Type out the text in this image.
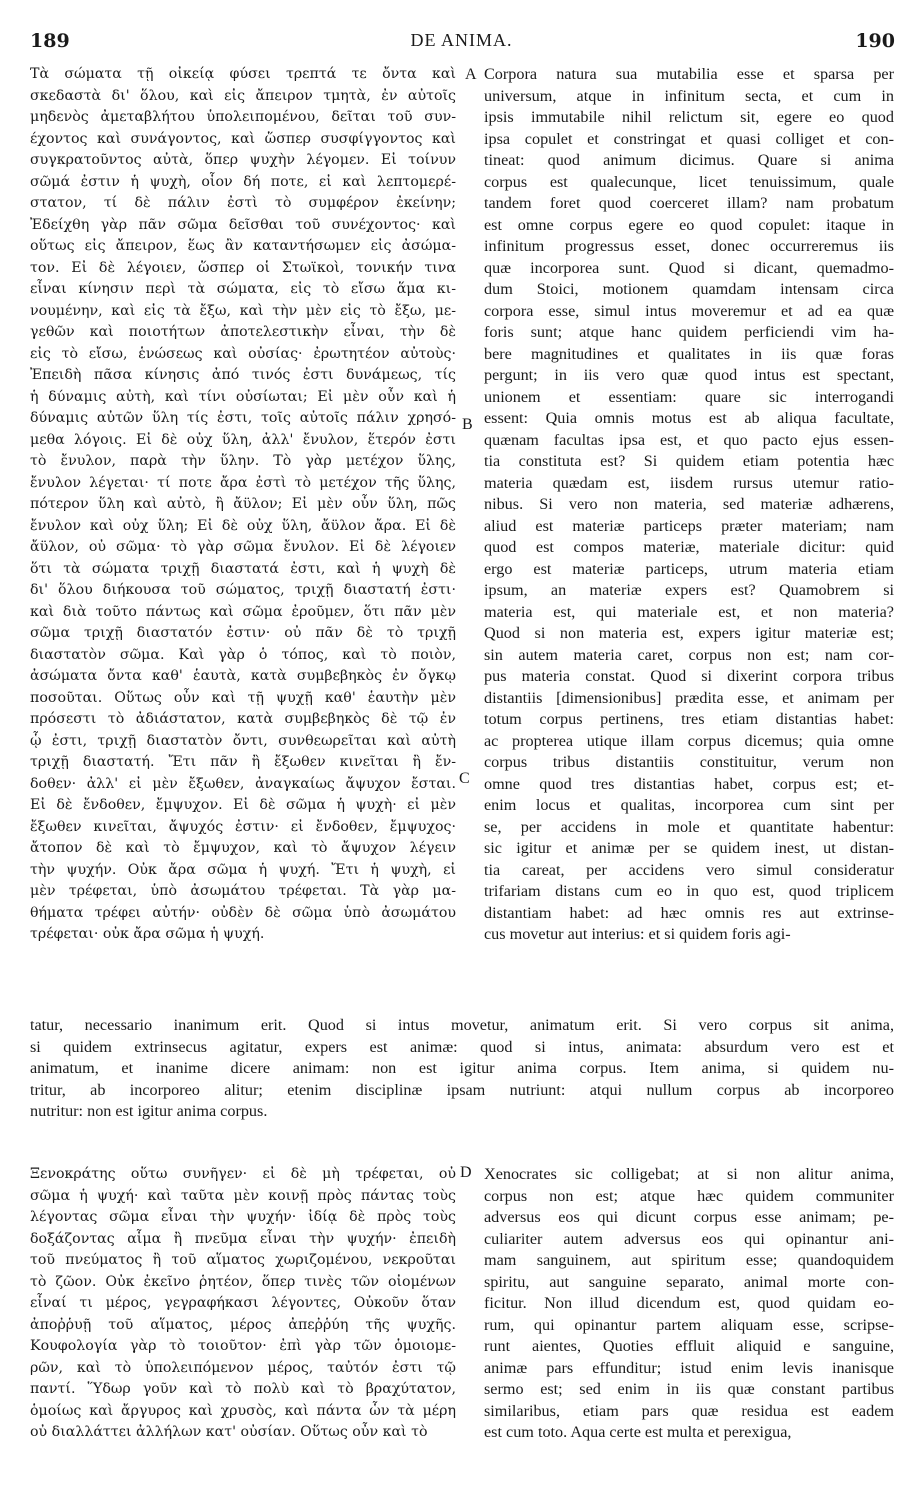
189	DE ANIMA.	190
A
B
C
D
Τὰ σώματα τῇ οἰκείᾳ φύσει τρεπτά τε ὄντα καὶ
σκεδαστὰ δι' ὅλου, καὶ εἰς ἄπειρον τμητὰ, ἐν αὐτοῖς
μηδενὸς ἀμεταβλήτου ὑπολειπομένου, δεῖται τοῦ συν-
έχοντος καὶ συνάγοντος, καὶ ὥσπερ συσφίγγοντος καὶ
συγκρατοῦντος αὐτὰ, ὅπερ ψυχὴν λέγομεν. Εἰ τοίνυν
σῶμά ἐστιν ἡ ψυχὴ, οἷον δή ποτε, εἰ καὶ λεπτομερέ-
στατον, τί δὲ πάλιν ἐστὶ τὸ συμφέρον ἐκείνην;
Ἐδείχθη γὰρ πᾶν σῶμα δεῖσθαι τοῦ συνέχοντος· καὶ
οὕτως εἰς ἄπειρον, ἕως ἂν καταντήσωμεν εἰς ἀσώμα-
τον. Εἰ δὲ λέγοιεν, ὥσπερ οἱ Στωϊκοὶ, τονικήν τινα
εἶναι κίνησιν περὶ τὰ σώματα, εἰς τὸ εἴσω ἅμα κι-
νουμένην, καὶ εἰς τὰ ἔξω, καὶ τὴν μὲν εἰς τὸ ἔξω, με-
γεθῶν καὶ ποιοτήτων ἀποτελεστικὴν εἶναι, τὴν δὲ
εἰς τὸ εἴσω, ἑνώσεως καὶ οὐσίας· ἐρωτητέον αὐτοὺς·
Ἐπειδὴ πᾶσα κίνησις ἀπό τινός ἐστι δυνάμεως, τίς
ἡ δύναμις αὐτὴ, καὶ τίνι οὐσίωται; Εἰ μὲν οὖν καὶ ἡ
δύναμις αὐτῶν ὕλη τίς ἐστι, τοῖς αὐτοῖς πάλιν χρησό-
μεθα λόγοις. Εἰ δὲ οὐχ ὕλη, ἀλλ' ἔνυλον, ἕτερόν ἐστι
τὸ ἔνυλον, παρὰ τὴν ὕλην. Τὸ γὰρ μετέχον ὕλης,
ἔνυλον λέγεται· τί ποτε ἄρα ἐστὶ τὸ μετέχον τῆς ὕλης,
πότερον ὕλη καὶ αὐτὸ, ἢ ἄϋλον; Εἰ μὲν οὖν ὕλη, πῶς
ἔνυλον καὶ οὐχ ὕλη; Εἰ δὲ οὐχ ὕλη, ἄϋλον ἄρα. Εἰ δὲ
ἄϋλον, οὐ σῶμα· τὸ γὰρ σῶμα ἔνυλον. Εἰ δὲ λέγοιεν
ὅτι τὰ σώματα τριχῇ διαστατά ἐστι, καὶ ἡ ψυχὴ δὲ
δι' ὅλου διήκουσα τοῦ σώματος, τριχῇ διαστατή ἐστι·
καὶ διὰ τοῦτο πάντως καὶ σῶμα ἐροῦμεν, ὅτι πᾶν μὲν
σῶμα τριχῇ διαστατόν ἐστιν· οὐ πᾶν δὲ τὸ τριχῇ
διαστατὸν σῶμα. Καὶ γὰρ ὁ τόπος, καὶ τὸ ποιὸν,
ἀσώματα ὄντα καθ' ἑαυτὰ, κατὰ συμβεβηκὸς ἐν ὄγκῳ
ποσοῦται. Οὕτως οὖν καὶ τῇ ψυχῇ καθ' ἑαυτὴν μὲν
πρόσεστι τὸ ἀδιάστατον, κατὰ συμβεβηκὸς δὲ τῷ ἐν
ᾧ ἐστι, τριχῇ διαστατὸν ὄντι, συνθεωρεῖται καὶ αὐτὴ
τριχῇ διαστατή. Ἔτι πᾶν ἢ ἔξωθεν κινεῖται ἢ ἔν-
δοθεν· ἀλλ' εἰ μὲν ἔξωθεν, ἀναγκαίως ἄψυχον ἔσται.
Εἰ δὲ ἔνδοθεν, ἔμψυχον. Εἰ δὲ σῶμα ἡ ψυχὴ· εἰ μὲν
ἔξωθεν κινεῖται, ἄψυχός ἐστιν· εἰ ἔνδοθεν, ἔμψυχος·
ἄτοπον δὲ καὶ τὸ ἔμψυχον, καὶ τὸ ἄψυχον λέγειν
τὴν ψυχήν. Οὐκ ἄρα σῶμα ἡ ψυχή. Ἔτι ἡ ψυχὴ, εἰ
μὲν τρέφεται, ὑπὸ ἀσωμάτου τρέφεται. Τὰ γὰρ μα-
θήματα τρέφει αὐτήν· οὐδὲν δὲ σῶμα ὑπὸ ἀσωμάτου
τρέφεται· οὐκ ἄρα σῶμα ἡ ψυχή.
Corpora natura sua mutabilia esse et sparsa per
universum, atque in infinitum secta, et cum in
ipsis immutabile nihil relictum sit, egere eo quod
ipsa copulet et constringat et quasi colliget et con-
tineat: quod animum dicimus. Quare si anima
corpus est qualecunque, licet tenuissimum, quale
tandem foret quod coerceret illam? nam probatum
est omne corpus egere eo quod copulet: itaque in
infinitum progressus esset, donec occurreremus iis
quæ incorporea sunt. Quod si dicant, quemadmo-
dum Stoici, motionem quamdam intensam circa
corpora esse, simul intus moveremur et ad ea quæ
foris sunt; atque hanc quidem perficiendi vim ha-
bere magnitudines et qualitates in iis quæ foras
pergunt; in iis vero quæ quod intus est spectant,
unionem et essentiam: quare sic interrogandi
essent: Quia omnis motus est ab aliqua facultate,
quænam facultas ipsa est, et quo pacto ejus essen-
tia constituta est? Si quidem etiam potentia hæc
materia quædam est, iisdem rursus utemur ratio-
nibus. Si vero non materia, sed materiæ adhærens,
aliud est materiæ particeps præter materiam; nam
quod est compos materiæ, materiale dicitur: quid
ergo est materiæ particeps, utrum materia etiam
ipsum, an materiæ expers est? Quamobrem si
materia est, qui materiale est, et non materia?
Quod si non materia est, expers igitur materiæ est;
sin autem materia caret, corpus non est; nam cor-
pus materia constat. Quod si dixerint corpora tribus
distantiis [dimensionibus] prædita esse, et animam per
totum corpus pertinens, tres etiam distantias habet:
ac propterea utique illam corpus dicemus; quia omne
corpus tribus distantiis constituitur, verum non
omne quod tres distantias habet, corpus est; et-
enim locus et qualitas, incorporea cum sint per
se, per accidens in mole et quantitate habentur:
sic igitur et animæ per se quidem inest, ut distan-
tia careat, per accidens vero simul consideratur
trifariam distans cum eo in quo est, quod triplicem
distantiam habet: ad hæc omnis res aut extrinse-
cus movetur aut interius: et si quidem foris agi-
tatur, necessario inanimum erit. Quod si intus movetur, animatum erit. Si vero corpus sit anima,
si quidem extrinsecus agitatur, expers est animæ: quod si intus, animata: absurdum vero est et
animatum, et inanime dicere animam: non est igitur anima corpus. Item anima, si quidem nu-
tritur, ab incorporeo alitur; etenim disciplinæ ipsam nutriunt: atqui nullum corpus ab incorporeo
nutritur: non est igitur anima corpus.
Ξενοκράτης οὕτω συνῆγεν· εἰ δὲ μὴ τρέφεται, οὐ
σῶμα ἡ ψυχή· καὶ ταῦτα μὲν κοινῇ πρὸς πάντας τοὺς
λέγοντας σῶμα εἶναι τὴν ψυχήν· ἰδίᾳ δὲ πρὸς τοὺς
δοξάζοντας αἷμα ἢ πνεῦμα εἶναι τὴν ψυχήν· ἐπειδὴ
τοῦ πνεύματος ἢ τοῦ αἵματος χωριζομένου, νεκροῦται
τὸ ζῶον. Οὐκ ἐκεῖνο ῥητέον, ὅπερ τινὲς τῶν οἰομένων
εἶναί τι μέρος, γεγραφήκασι λέγοντες, Οὐκοῦν ὅταν
ἀποῤῥυῇ τοῦ αἵματος, μέρος ἀπεῤῥύη τῆς ψυχῆς.
Κουφολογία γὰρ τὸ τοιοῦτον· ἐπὶ γὰρ τῶν ὁμοιομε-
ρῶν, καὶ τὸ ὑπολειπόμενον μέρος, ταὐτόν ἐστι τῷ
παντί. Ὕδωρ γοῦν καὶ τὸ πολὺ καὶ τὸ βραχύτατον,
ὁμοίως καὶ ἄργυρος καὶ χρυσὸς, καὶ πάντα ὧν τὰ μέρη
οὐ διαλλάττει ἀλλήλων κατ' οὐσίαν. Οὕτως οὖν καὶ τὸ
Xenocrates sic colligebat; at si non alitur anima,
corpus non est; atque hæc quidem communiter
adversus eos qui dicunt corpus esse animam; pe-
culiariter autem adversus eos qui opinantur ani-
mam sanguinem, aut spiritum esse; quandoquidem
spiritu, aut sanguine separato, animal morte con-
ficitur. Non illud dicendum est, quod quidam eo-
rum, qui opinantur partem aliquam esse, scripse-
runt aientes, Quoties effluit aliquid e sanguine,
animæ pars effunditur; istud enim levis inanisque
sermo est; sed enim in iis quæ constant partibus
similaribus, etiam pars quæ residua est eadem
est cum toto. Aqua certe est multa et perexigua,
